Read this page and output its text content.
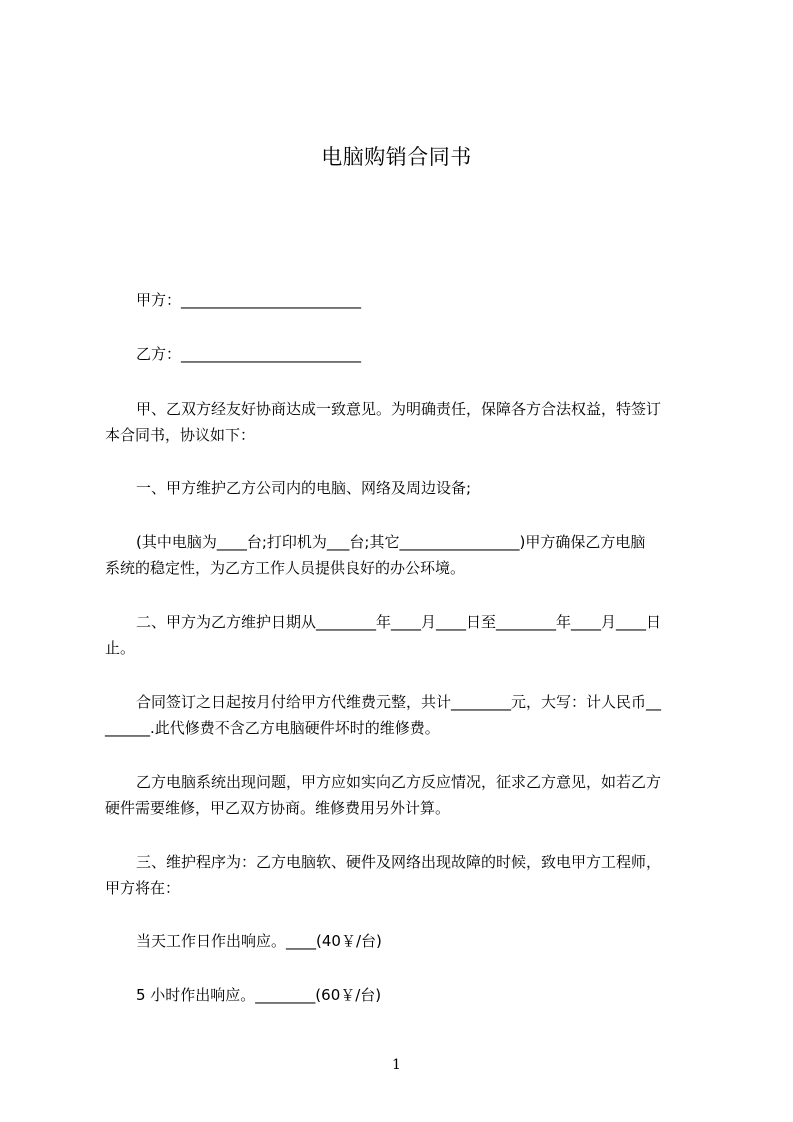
电脑购销合同书
甲方：________________________
乙方：________________________
甲、乙双方经友好协商达成一致意见。为明确责任，保障各方合法权益，特签订
本合同书，协议如下：
一、甲方维护乙方公司内的电脑、网络及周边设备;
(其中电脑为____台;打印机为___台;其它________________)甲方确保乙方电脑
系统的稳定性，为乙方工作人员提供良好的办公环境。
二、甲方为乙方维护日期从________年____月____日至________年____月____日
止。
合同签订之日起按月付给甲方代维费元整，共计________元，大写：计人民币__
______.此代修费不含乙方电脑硬件坏时的维修费。
乙方电脑系统出现问题，甲方应如实向乙方反应情况，征求乙方意见，如若乙方
硬件需要维修，甲乙双方协商。维修费用另外计算。
三、维护程序为：乙方电脑软、硬件及网络出现故障的时候，致电甲方工程师，
甲方将在：
当天工作日作出响应。____(40￥/台)
5 小时作出响应。________(60￥/台)
1
